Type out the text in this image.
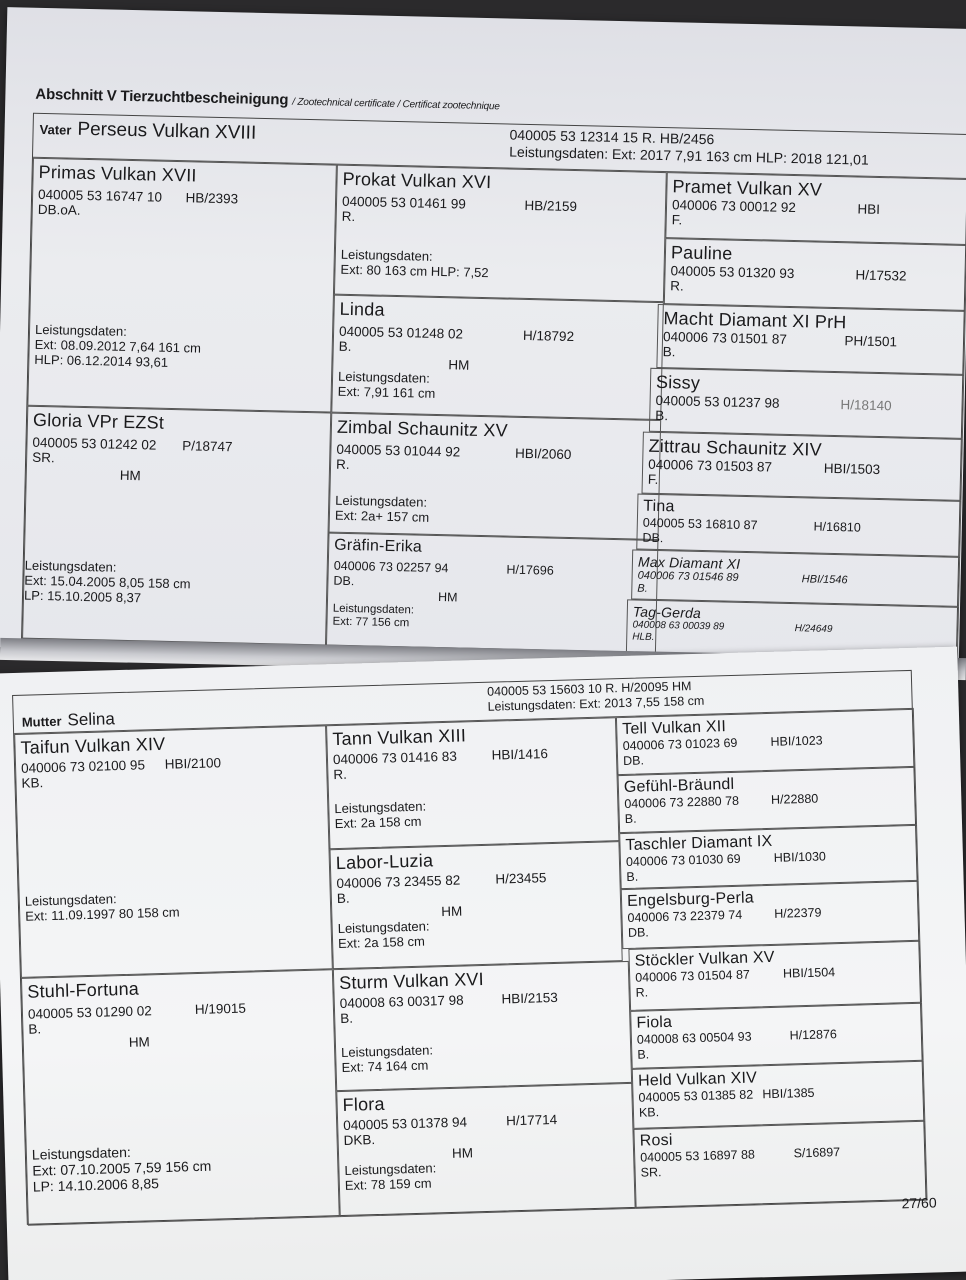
Abschnitt V Tierzuchtbescheinigung / Zootechnical certificate / Certificat zootechnique
Vater Perseus Vulkan XVIII	040005 53 12314 15 R. HB/2456
Leistungsdaten: Ext: 2017 7,91 163 cm HLP: 2018 121,01
Primas Vulkan XVII
040005 53 16747 10 HB/2393
DB.oA.
Leistungsdaten:
Ext: 08.09.2012 7,64 161 cm
HLP: 06.12.2014 93,61
Gloria VPr EZSt
040005 53 01242 02 P/18747
SR.
HM
Leistungsdaten:
Ext: 15.04.2005 8,05 158 cm
LP: 15.10.2005 8,37
Prokat Vulkan XVI
040005 53 01461 99	HB/2159
R.
Leistungsdaten:
Ext: 80 163 cm HLP: 7,52
Linda
040005 53 01248 02	H/18792
B.
HM
Leistungsdaten:
Ext: 7,91 161 cm
Zimbal Schaunitz XV
040005 53 01044 92	HBI/2060
R.
Leistungsdaten:
Ext: 2a+ 157 cm
Gräfin-Erika
040006 73 02257 94	H/17696
DB.
HM
Leistungsdaten:
Ext: 77 156 cm
Pramet Vulkan XV
040006 73 00012 92	HBI
F.
Pauline
040005 53 01320 93	H/17532
R.
Macht Diamant XI PrH
040006 73 01501 87	PH/1501
B.
Sissy
040005 53 01237 98	H/18140
B.
Zittrau Schaunitz XIV
040006 73 01503 87	HBI/1503
F.
Tina
040005 53 16810 87	H/16810
DB.
Max Diamant XI
040006 73 01546 89	HBI/1546
B.
Tag-Gerda
040008 63 00039 89	H/24649
HLB.
Mutter Selina
040005 53 15603 10 R. H/20095 HM
Leistungsdaten: Ext: 2013 7,55 158 cm
Taifun Vulkan XIV
040006 73 02100 95 HBI/2100
KB.
Leistungsdaten:
Ext: 11.09.1997 80 158 cm
Stuhl-Fortuna
040005 53 01290 02	H/19015
B.
HM
Leistungsdaten:
Ext: 07.10.2005 7,59 156 cm
LP: 14.10.2006 8,85
Tann Vulkan XIII
040006 73 01416 83	HBI/1416
R.
Leistungsdaten:
Ext: 2a 158 cm
Labor-Luzia
040006 73 23455 82	H/23455
B.
HM
Leistungsdaten:
Ext: 2a 158 cm
Sturm Vulkan XVI
040008 63 00317 98	HBI/2153
B.
Leistungsdaten:
Ext: 74 164 cm
Flora
040005 53 01378 94	H/17714
DKB.
HM
Leistungsdaten:
Ext: 78 159 cm
Tell Vulkan XII
040006 73 01023 69	HBI/1023
DB.
Gefühl-Bräundl
040006 73 22880 78	H/22880
B.
Taschler Diamant IX
040006 73 01030 69	HBI/1030
B.
Engelsburg-Perla
040006 73 22379 74	H/22379
DB.
Stöckler Vulkan XV
040006 73 01504 87	HBI/1504
R.
Fiola
040008 63 00504 93	H/12876
B.
Held Vulkan XIV
040005 53 01385 82 HBI/1385
KB.
Rosi
040005 53 16897 88	S/16897
SR.
27/60
